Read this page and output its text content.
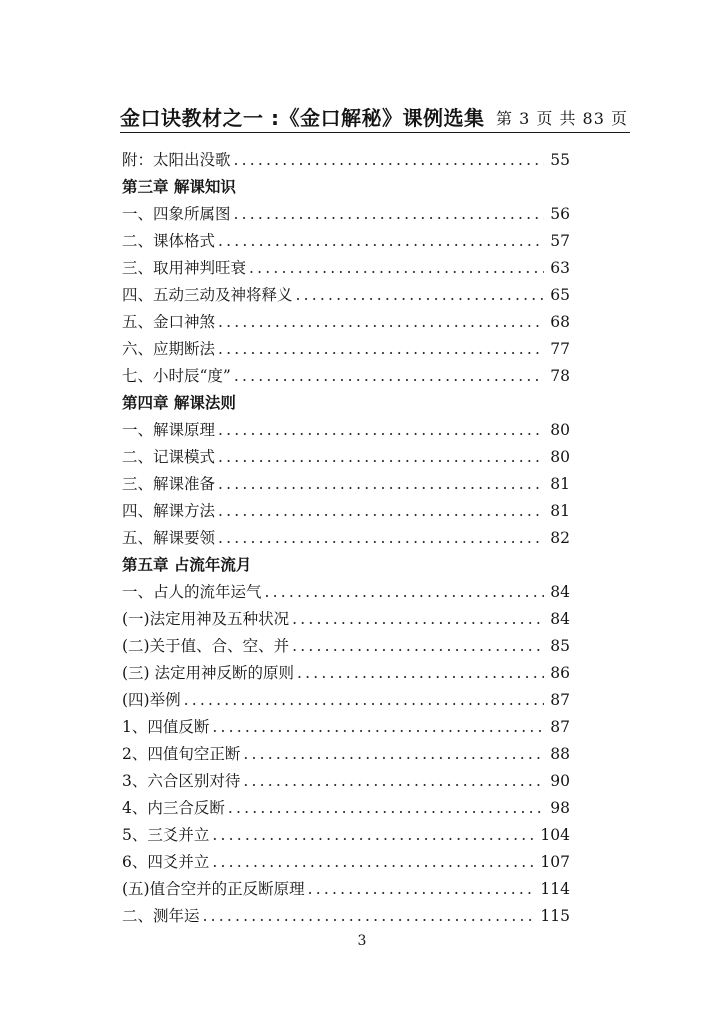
金口诀教材之一 :《金口解秘》课例选集 第 3 页 共 83 页
附：太阳出没歌 .....	55
第三章 解课知识
一、四象所属图 .....	56
二、课体格式 .....	57
三、取用神判旺衰 .....	63
四、五动三动及神将释义 .....	65
五、金口神煞 .....	68
六、应期断法 .....	77
七、小时辰“度” .....	78
第四章 解课法则
一、解课原理 .....	80
二、记课模式 .....	80
三、解课准备 .....	81
四、解课方法 .....	81
五、解课要领 .....	82
第五章 占流年流月
一、占人的流年运气 .....	84
(一)法定用神及五种状况 .....	84
(二)关于值、合、空、并 .....	85
(三) 法定用神反断的原则 .....	86
(四)举例 .....	87
1、四值反断 .....	87
2、四值旬空正断 .....	88
3、六合区别对待 .....	90
4、内三合反断 .....	98
5、三爻并立 .....	104
6、四爻并立 .....	107
(五)值合空并的正反断原理 .....	114
二、测年运 .....	115
3
